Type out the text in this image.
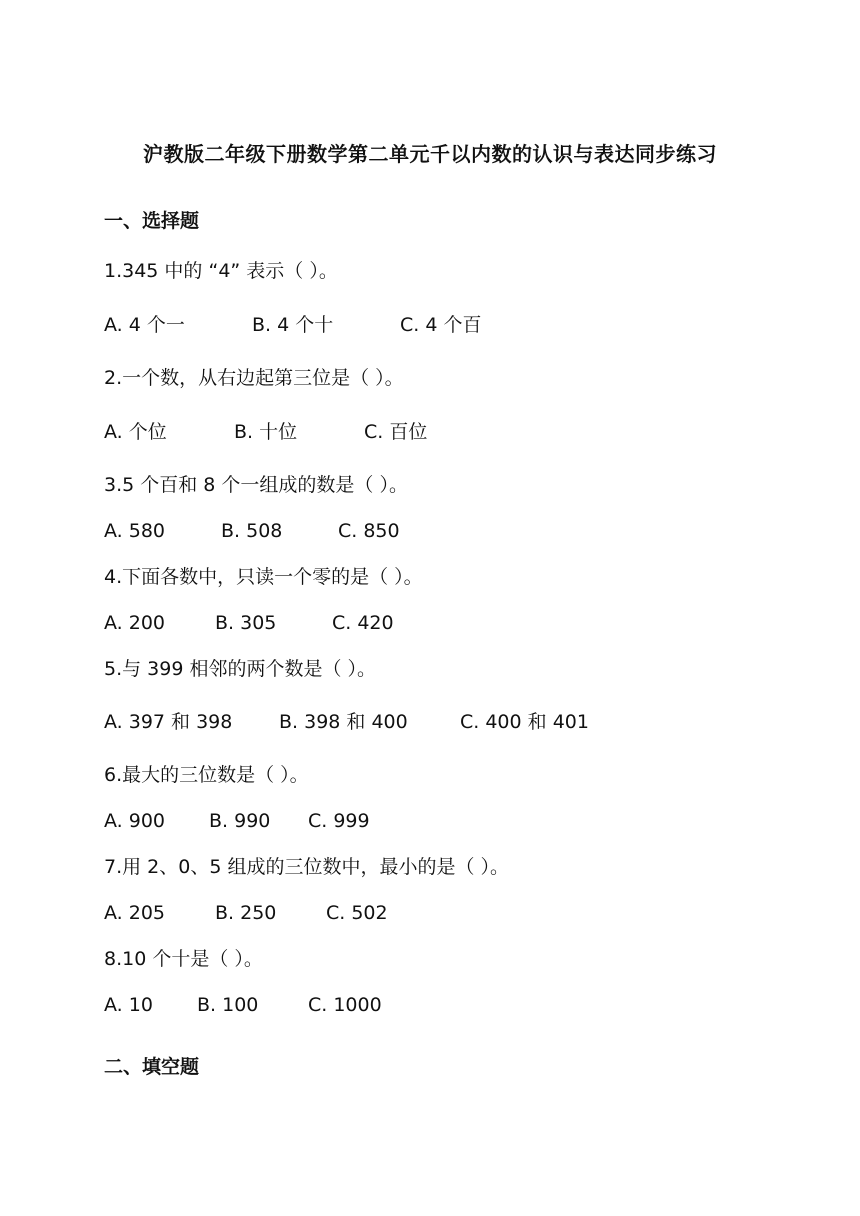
沪教版二年级下册数学第二单元千以内数的认识与表达同步练习
一、选择题
1.345 中的 “4” 表示（ ）。
A. 4 个一	B. 4 个十	C. 4 个百
2.一个数，从右边起第三位是（ ）。
A. 个位	B. 十位	C. 百位
3.5 个百和 8 个一组成的数是（ ）。
A. 580	B. 508	C. 850
4.下面各数中，只读一个零的是（ ）。
A. 200	B. 305	C. 420
5.与 399 相邻的两个数是（ ）。
A. 397 和 398 B. 398 和 400	C. 400 和 401
6.最大的三位数是（ ）。
A. 900 B. 990 C. 999
7.用 2、0、5 组成的三位数中，最小的是（ ）。
A. 205	B. 250	C. 502
8.10 个十是（ ）。
A. 10 B. 100	C. 1000
二、填空题
